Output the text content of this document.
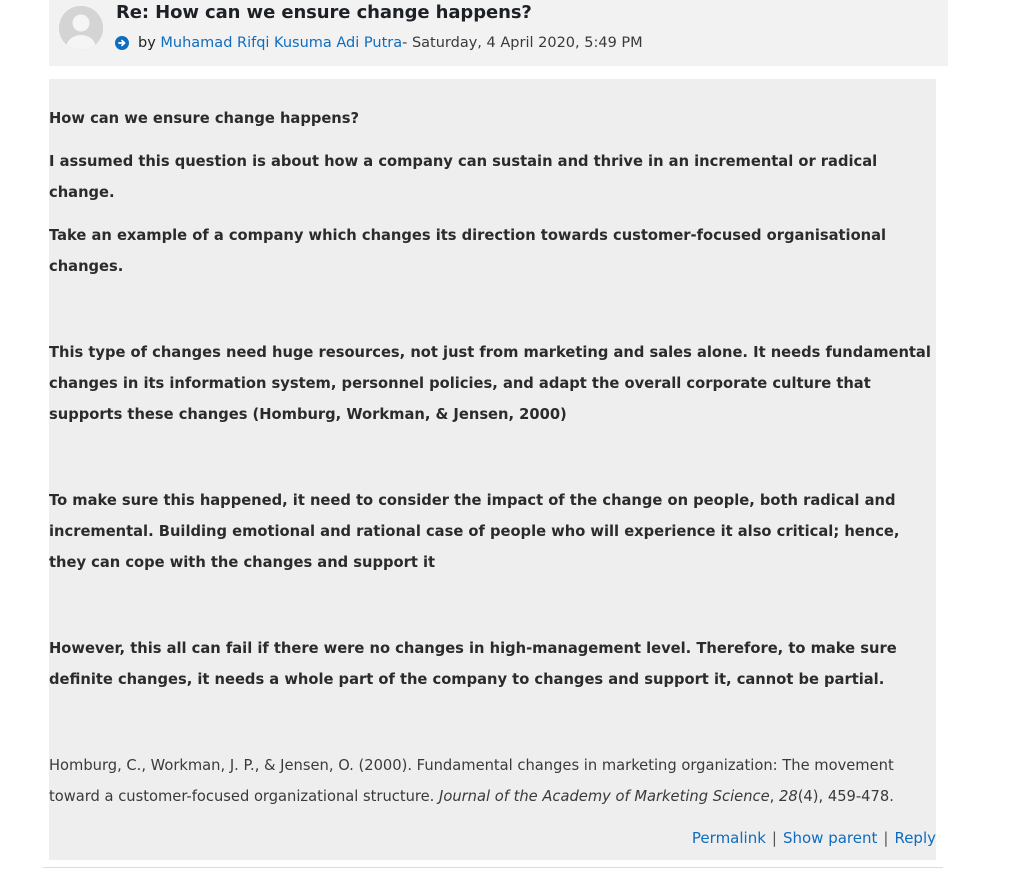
Re: How can we ensure change happens?
by
Muhamad Rifqi Kusuma Adi Putra - Saturday, 4 April 2020, 5:49 PM

How can we ensure change happens?

I assumed this question is about how a company can sustain and thrive in an incremental or radical change.

Take an example of a company which changes its direction towards customer-focused organisational changes.

This type of changes need huge resources, not just from marketing and sales alone. It needs fundamental changes in its information system, personnel policies, and adapt the overall corporate culture that supports these changes (Homburg, Workman, & Jensen, 2000)

To make sure this happened, it need to consider the impact of the change on people, both radical and incremental. Building emotional and rational case of people who will experience it also critical; hence, they can cope with the changes and support it

However, this all can fail if there were no changes in high-management level. Therefore, to make sure definite changes, it needs a whole part of the company to changes and support it, cannot be partial.

Homburg, C., Workman, J. P., & Jensen, O. (2000). Fundamental changes in marketing organization: The movement toward a customer-focused organizational structure. Journal of the Academy of Marketing Science, 28(4), 459-478.

Permalink | Show parent | Reply
